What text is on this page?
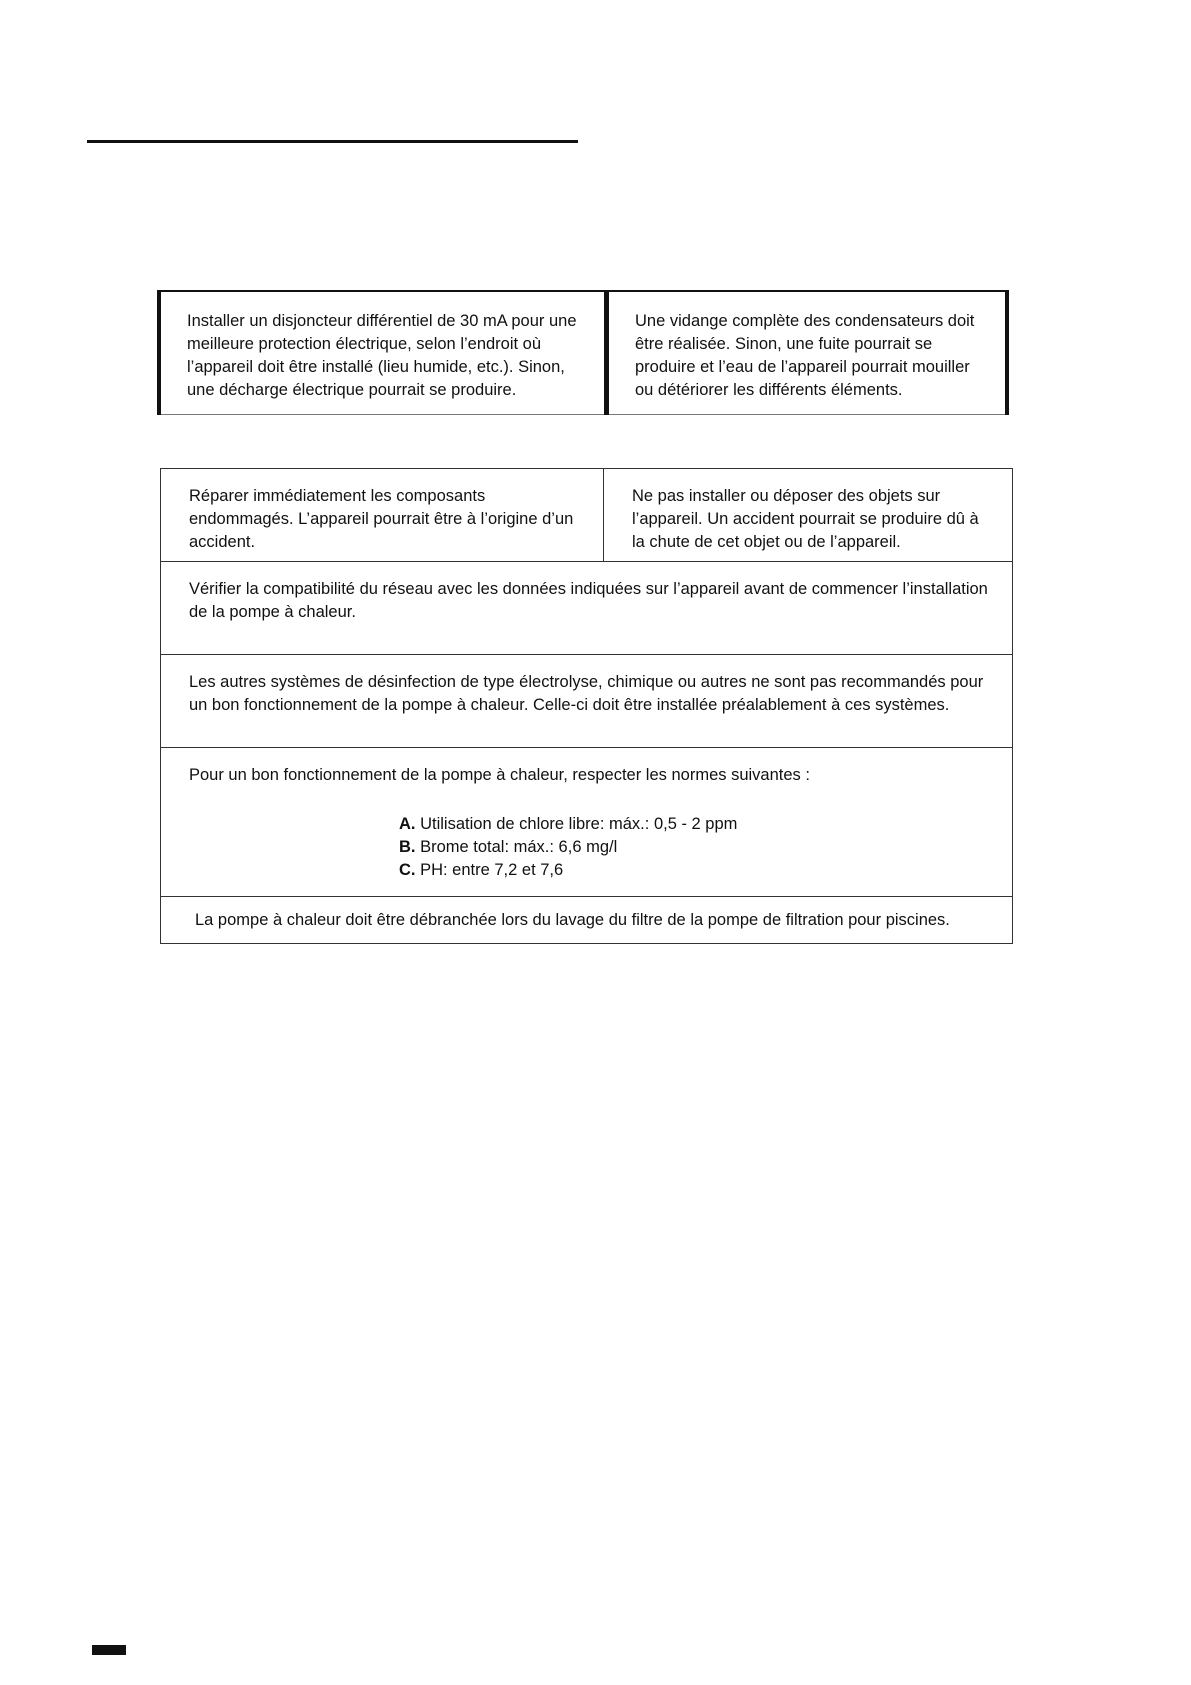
Installer un disjoncteur différentiel de 30 mA pour une meilleure protection électrique, selon l’endroit où l’appareil doit être installé (lieu humide, etc.). Sinon, une décharge électrique pourrait se produire.	Une vidange complète des condensateurs doit être réalisée. Sinon, une fuite pourrait se produire et l’eau de l’appareil pourrait mouiller ou détériorer les différents éléments.
Réparer immédiatement les composants endommagés. L’appareil pourrait être à l’origine d’un accident.	Ne pas installer ou déposer des objets sur l’appareil. Un accident pourrait se produire dû à la chute de cet objet ou de l’appareil.
Vérifier la compatibilité du réseau avec les données indiquées sur l’appareil avant de commencer l’installation de la pompe à chaleur.
Les autres systèmes de désinfection de type électrolyse, chimique ou autres ne sont pas recommandés pour un bon fonctionnement de la pompe à chaleur. Celle-ci doit être installée préalablement à ces systèmes.

Pour un bon fonctionnement de la pompe à chaleur, respecter les normes suivantes :
A. Utilisation de chlore libre: máx.: 0,5 - 2 ppm
B. Brome total: máx.: 6,6 mg/l
C. PH: entre 7,2 et 7,6

La pompe à chaleur doit être débranchée lors du lavage du filtre de la pompe de filtration pour piscines.
